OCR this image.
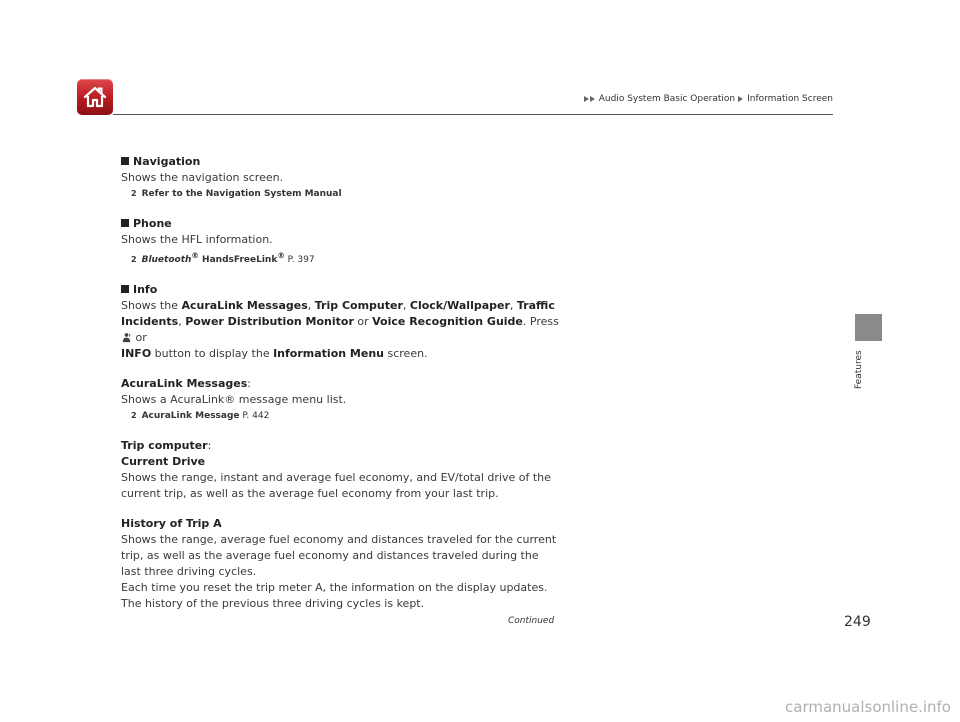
Audio System Basic Operation Information Screen
Features

Navigation

Shows the navigation screen.

2 Refer to the Navigation System Manual

Phone

Shows the HFL information.

2 Bluetooth® HandsFreeLink® P. 397

Info

Shows the AcuraLink Messages, Trip Computer, Clock/Wallpaper, Traffic Incidents, Power Distribution Monitor or Voice Recognition Guide. Press  or
INFO button to display the Information Menu screen.

AcuraLink Messages:

Shows a AcuraLink® message menu list.

2 AcuraLink Message P. 442

Trip computer:

Current Drive

Shows the range, instant and average fuel economy, and EV/total drive of the current trip, as well as the average fuel economy from your last trip.

History of Trip A

Shows the range, average fuel economy and distances traveled for the current trip, as well as the average fuel economy and distances traveled during the last three driving cycles.

Each time you reset the trip meter A, the information on the display updates. The history of the previous three driving cycles is kept.

Continued	249
carmanualsonline.info
